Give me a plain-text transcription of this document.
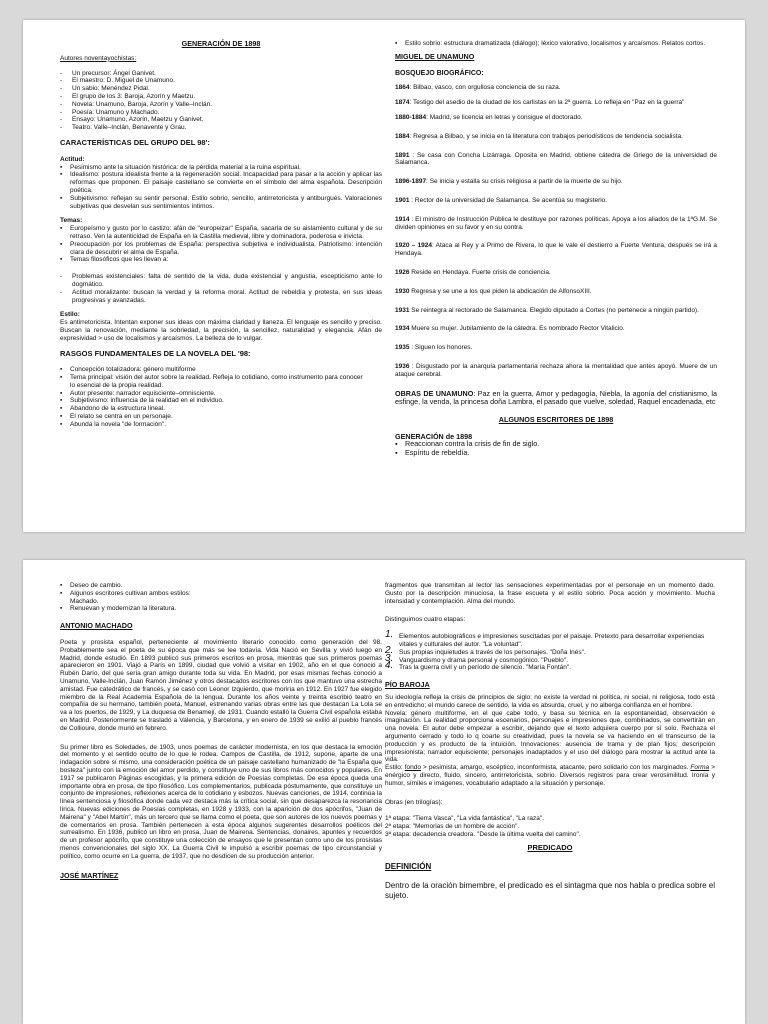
GENERACIÓN DE 1898

Autores noventayochistas:

- Un precursor: Ángel Ganivet.
- El maestro: D. Miguel de Unamuno.
- Un sabio: Menéndez Pidal.
- El grupo de los 3: Baroja, Azorín y Maetzu.
- Novela: Unamuno, Baroja, Azorín y Valle–Inclán.
- Poesía: Unamuno y Machado.
- Ensayo: Unamuno, Azorín, Maetzu y Ganivet.
- Teatro: Valle–Inclán, Benavente y Grau.

CARACTERÍSTICAS DEL GRUPO DEL 98':

Actitud:

▪ Pesimismo ante la situación histórica: de la pérdida material a la ruina espiritual.
▪ Idealismo: postura idealista frente a la regeneración social. Incapacidad para pasar a la acción y aplicar las reformas que proponen. El paisaje castellano se convierte en el símbolo del alma española. Descripción poética.
▪ Subjetivismo: reflejan su sentir personal. Estilo sobrio, sencillo, antirretoricista y antiburgués. Valoraciones subjetivas que desvelan sus sentimientos íntimos.

Temas:

▪ Europeísmo y gusto por lo castizo: afán de "europeizar" España, sacarla de su aislamiento cultural y de su retraso. Ven la autenticidad de España en la Castilla medieval, libre y dominadora, poderosa e invicta.
▪ Preocupación por los problemas de España: perspectiva subjetiva e individualista. Patriotismo: intención clara de descubrir el alma de España.
▪ Temas filosóficos que les llevan a:
- Problemas existenciales: falta de sentido de la vida, duda existencial y angustia, escepticismo ante lo dogmático.
- Actitud moralizante: buscan la verdad y la reforma moral. Actitud de rebeldía y protesta, en sus ideas progresivas y avanzadas.

Estilo:

Es antirretoricista. Intentan exponer sus ideas con máxima claridad y llaneza. El lenguaje es sencillo y preciso. Buscan la renovación, mediante la sobriedad, la precisión, la sencillez, naturalidad y elegancia. Afán de expresividad > uso de localismos y arcaísmos. La belleza de lo vulgar.

RASGOS FUNDAMENTALES DE LA NOVELA DEL '98:

▪ Concepción totalizadora: género multiforme
▪ Tema principal: visión del autor sobre la realidad. Refleja lo cotidiano, como instrumento para conocer
lo esencial de la propia realidad.
▪ Autor presente: narrador equisciente–omnisciente.
▪ Subjetivismo: influencia de la realidad en el individuo.
▪ Abandono de la estructura lineal.
▪ El relato se centra en un personaje.
▪ Abunda la novela "de formación".
▪ Estilo sobrio: estructura dramatizada (diálogo); léxico valorativo, localismos y arcaísmos. Relatos cortos.

MIGUEL DE UNAMUNO

BOSQUEJO BIOGRÁFICO:

1864: Bilbao, vasco, con orgullosa conciencia de su raza.

1874: Testigo del asedio de la ciudad de los carlistas en la 2ª guerra. Lo refleja en "Paz en la guerra"

1880-1884: Madrid, se licencia en letras y consigue el doctorado.

1884: Regresa a Bilbao, y se inicia en la literatura con trabajos periodísticos de tendencia socialista.

1891 : Se casa con Concha Lizárraga. Oposita en Madrid, obtiene cátedra de Griego de la universidad de Salamanca.

1896-1897: Se inicia y estalla su crisis religiosa a partir de la muerte de su hijo.

1901 : Rector de la universidad de Salamanca. Se acentúa su magisterio.

1914 : El ministro de Instrucción Pública le destituye por razones políticas. Apoya a los aliados de la 1ªG.M. Se dividen opiniones en su favor y en su contra.

1920 – 1924: Ataca al Rey y a Primo de Rivera, lo que le vale el destierro a Fuerte Ventura, después se irá a Hendaya.

1926 Reside en Hendaya. Fuerte crisis de conciencia.

1930 Regresa y se une a los que piden la abdicación de AlfonsoXIII.

1931 Se reintegra al rectorado de Salamanca. Elegido diputado a Cortes (no pertenece a ningún partido).

1934 Muere su mujer. Jubilamiento de la cátedra. Es nombrado Rector Vitalicio.

1935 : Siguen los honores.

1936 : Disgustado por la anarquía parlamentaria rechaza ahora la mentalidad que antes apoyó. Muere de un ataque cerebral.

OBRAS DE UNAMUNO: Paz en la guerra, Amor y pedagogía, Niebla, la agonía del cristianismo, la esfinge, la venda, la princesa doña Lambra, el pasado que vuelve, soledad, Raquel encadenada, etc

ALGUNOS ESCRITORES DE 1898

GENERACIÓN de 1898

▪ Reaccionan contra la crisis de fin de siglo.
▪ Espíritu de rebeldía.
▪ Deseo de cambio.
▪ Algunos escritores cultivan ambos estilos:
Machado.
▪ Renuevan y modernizan la literatura.

ANTONIO MACHADO

Poeta y prosista español, perteneciente al movimiento literario conocido como generación del 98. Probablemente sea el poeta de su época que más se lee todavía. Vida Nació en Sevilla y vivió luego en Madrid, donde estudió. En 1893 publicó sus primeros escritos en prosa, mientras que sus primeros poemas aparecieron en 1901. Viajó a París en 1899, ciudad que volvió a visitar en 1902, año en el que conoció a Rubén Darío, del que sería gran amigo durante toda su vida. En Madrid, por esas mismas fechas conoció a Unamuno, Valle-Inclán, Juan Ramón Jiménez y otros destacados escritores con los que mantuvo una estrecha amistad. Fue catedrático de francés, y se casó con Leonor Izquierdo, que moriría en 1912. En 1927 fue elegido miembro de la Real Academia Española de la lengua. Durante los años veinte y treinta escribió teatro en compañía de su hermano, también poeta, Manuel, estrenando varias obras entre las que destacan La Lola se va a los puertos, de 1929, y La duquesa de Benamejí, de 1931. Cuando estalló la Guerra Civil española estaba en Madrid. Posteriormente se trasladó a Valencia, y Barcelona, y en enero de 1939 se exilió al pueblo francés de Collioure, donde murió en febrero.

Su primer libro es Soledades, de 1903, unos poemas de carácter modernista, en los que destaca la emoción del momento y el sentido oculto de lo que le rodea. Campos de Castilla, de 1912, supone, aparte de una indagación sobre sí mismo, una consideración poética de un paisaje castellano humanizado de "la España que bosteza" junto con la emoción del amor perdido, y constituye uno de sus libros más conocidos y populares. En 1917 se publicaron Páginas escogidas, y la primera edición de Poesías completas. De esa época queda una importante obra en prosa, de tipo filosófico. Los complementarios, publicada póstumamente, que constituye un conjunto de impresiones, reflexiones acerca de lo cotidiano y esbozos. Nuevas canciones, de 1914, continúa la línea sentenciosa y filosófica donde cada vez destaca más la crítica social, sin que desaparezca la resonancia lírica. Nuevas ediciones de Poesías completas, en 1928 y 1933, con la aparición de dos apócrifos, "Juan de Mairena" y "Abel Martín", más un tercero que se llama como el poeta, que son autores de los nuevos poemas y de comentarios en prosa. También pertenecen a esta época algunos sugerentes desarrollos poéticos del surrealismo. En 1936, publicó un libro en prosa, Juan de Mairena. Sentencias, donaires, apuntes y recuerdos de un profesor apócrifo, que constituye una colección de ensayos que le presentan como uno de los prosistas menos convencionales del siglo XX. La Guerra Civil le impulsó a escribir poemas de tipo circunstancial y político, como ocurre en La guerra, de 1937, que no desdicen de su producción anterior.

JOSÉ MARTÍNEZ

fragmentos que transmitan al lector las sensaciones experimentadas por el personaje en un momento dado. Gusto por la descripción minuciosa, la frase escueta y el estilo sobrio. Poca acción y movimiento. Mucha intensidad y contemplación. Alma del mundo.

Distinguimos cuatro etapas:

1. Elementos autobiográficos e impresiones suscitadas por el paisaje. Pretexto para desarrollar experiencias vitales y culturales del autor. "La voluntad".
2. Sus propias inquietudes a través de los personajes. "Doña Inés".
3. Vanguardismo y drama personal y cosmogónico. "Pueblo".
4. Tras la guerra civil y un período de silencio. "María Fontán".

PÍO BAROJA

Su ideología refleja la crisis de principios de siglo: no existe la verdad ni política, ni social, ni religiosa, todo está en entredicho; el mundo carece de sentido, la vida es absurda, cruel, y no alberga confianza en el hombre.

Novela: género multiforme, en el que cabe todo, y basa su técnica en la espontaneidad, observación e imaginación. La realidad proporciona escenarios, personajes e impresiones que, combinados, se convertirán en una novela. El autor debe empezar a escribir, dejando que el texto adquiera cuerpo por sí solo. Rechaza el argumento cerrado y todo lo q coarte su creatividad, pues la novela se va haciendo en el transcurso de la producción y es producto de la intuición. Innovaciones: ausencia de trama y de plan fijos; descripción impresionista; narrador equisciente; personajes inadaptados y el uso del diálogo para mostrar la actitud ante la vida.

Estilo: fondo > pesimista, amargo, escéptico, inconformista, atacante, pero solidario con los marginados. Forma > enérgico y directo, fluido, sincero, antirretoricista, sobrio. Diversos registros para crear verosimilitud. Ironía y humor, símiles e imágenes, vocabulario adaptado a la situación y personaje.

Obras (en trilogías):

1ª etapa: "Tierra Vasca", "La vida fantástica", "La raza".
2ª etapa: "Memorias de un hombre de acción".
3ª etapa: decadencia creadora. "Desde la última vuelta del camino".

PREDICADO

DEFINICIÓN

Dentro de la oración bimembre, el predicado es el sintagma que nos habla o predica sobre el sujeto.
